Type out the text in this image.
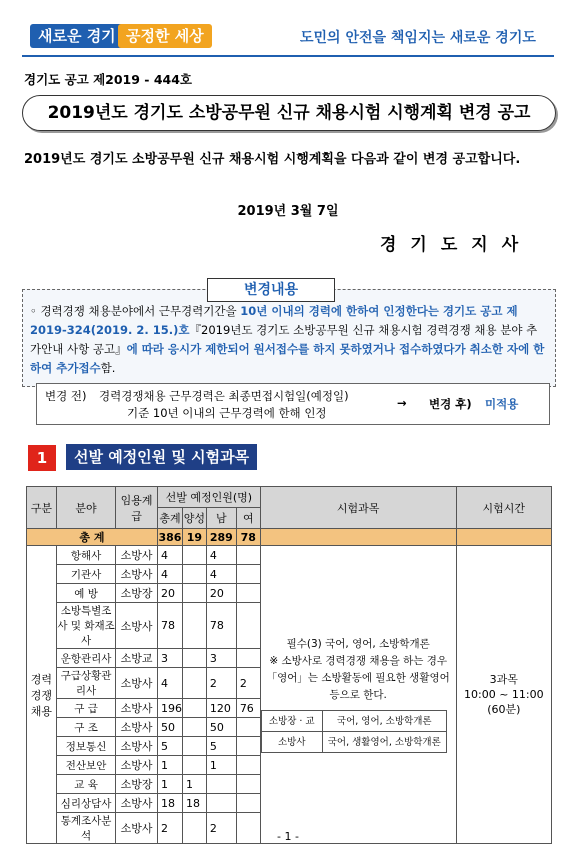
새로운 경기 공정한 세상	도민의 안전을 책임지는 새로운 경기도
경기도 공고 제2019 - 444호
2019년도 경기도 소방공무원 신규 채용시험 시행계획 변경 공고
2019년도 경기도 소방공무원 신규 채용시험 시행계획을 다음과 같이 변경 공고합니다.
2019년 3월 7일
경기도지사
변경내용
◦ 경력경쟁 채용분야에서 근무경력기간을 10년 이내의 경력에 한하여 인정한다는 경기도 공고 제2019-324(2019. 2. 15.)호『2019년도 경기도 소방공무원 신규 채용시험 경력경쟁 채용 분야 추가안내 사항 공고』에 따라 응시가 제한되어 원서접수를 하지 못하였거나 접수하였다가 취소한 자에 한하여 추가접수함.
변경 전) 경력경쟁채용 근무경력은 최종면접시험일(예정일)
기준 10년 이내의 근무경력에 한해 인정
→ 변경 후) 미적용
1	선발 예정인원 및 시험과목
구분	분야	임용계급	선발 예정인원(명)	시험과목	시험시간
총계	양성	남	여
총 계	386	19	289	78		
경력경쟁채용	항해사	소방사	4		4		
필수(3) 국어, 영어, 소방학개론
※ 소방사로 경력경쟁 채용을 하는 경우 「영어」는 소방활동에 필요한 생활영어 등으로 한다.
소방장 · 교	국어, 영어, 소방학개론
소방사	국어, 생활영어, 소방학개론

3과목
10:00 ~ 11:00
(60분)

기관사	소방사	4		4	
예 방	소방장	20		20	
소방특별조사 및 화재조사	소방사	78		78	
운항관리사	소방교	3		3	
구급상황관리사	소방사	4		2	2
구 급	소방사	196		120	76
구 조	소방사	50		50	
정보통신	소방사	5		5	
전산보안	소방사	1		1	
교 육	소방장	1	1		
심리상담사	소방사	18	18		
통계조사분석	소방사	2		2	
- 1 -
